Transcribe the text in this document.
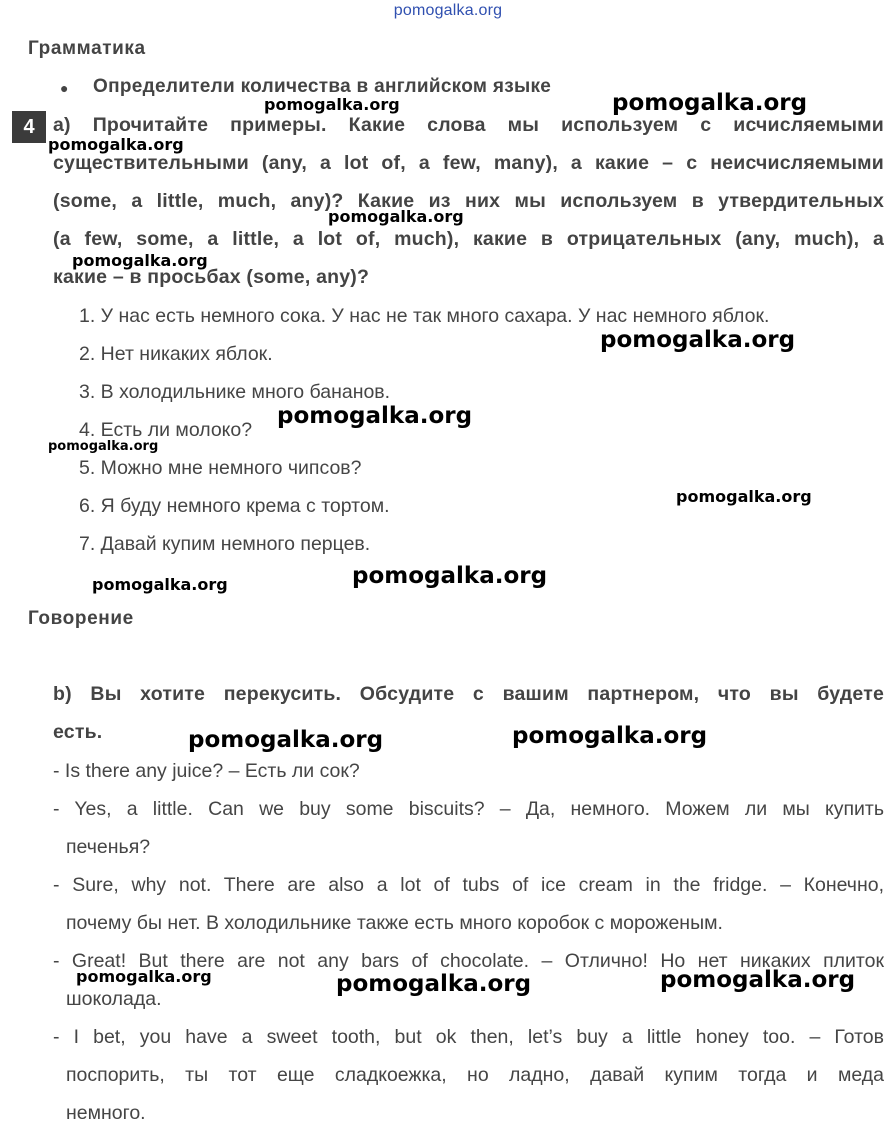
pomogalka.org
Грамматика
● Определители количества в английском языке
4 a) Прочитайте примеры. Какие слова мы используем с исчисляемыми
существительными (any, a lot of, a few, many), а какие – с неисчисляемыми
(some, a little, much, any)? Какие из них мы используем в утвердительных
(a few, some, a little, a lot of, much), какие в отрицательных (any, much), а
какие – в просьбах (some, any)?
1. У нас есть немного сока. У нас не так много сахара. У нас немного яблок.
2. Нет никаких яблок.
3. В холодильнике много бананов.
4. Есть ли молоко?
5. Можно мне немного чипсов?
6. Я буду немного крема с тортом.
7. Давай купим немного перцев.
Говорение
b) Вы хотите перекусить. Обсудите с вашим партнером, что вы будете
есть.
- Is there any juice? – Есть ли сок?
- Yes, a little. Can we buy some biscuits? – Да, немного. Можем ли мы купить
печенья?
- Sure, why not. There are also a lot of tubs of ice cream in the fridge. – Конечно,
почему бы нет. В холодильнике также есть много коробок с мороженым.
- Great! But there are not any bars of chocolate. – Отлично! Но нет никаких плиток
шоколада.
- I bet, you have a sweet tooth, but ok then, let’s buy a little honey too. – Готов
поспорить, ты тот еще сладкоежка, но ладно, давай купим тогда и меда
немного.
pomogalka.org	pomogalka.org
pomogalka.org
pomogalka.org
pomogalka.org
pomogalka.org
pomogalka.org
pomogalka.org
pomogalka.org
pomogalka.org	pomogalka.org
pomogalka.org	pomogalka.org
pomogalka.org	pomogalka.org	pomogalka.org
